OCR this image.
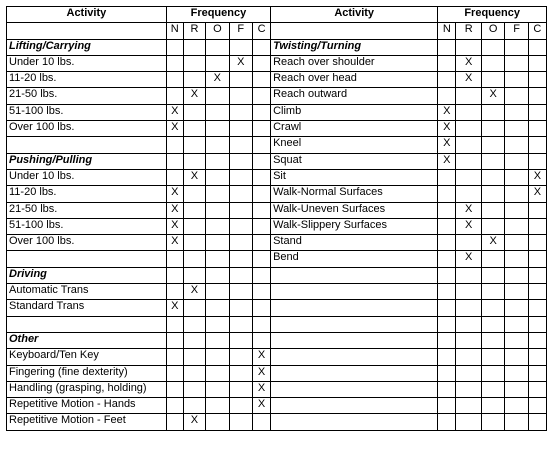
Activity	Frequency					Activity	Frequency				
	N	R	O	F	C		N	R	O	F	C
Lifting/Carrying						Twisting/Turning					
Under 10 lbs.				X		Reach over shoulder		X			
11-20 lbs.			X			Reach over head		X			
21-50 lbs.		X				Reach outward			X		
51-100 lbs.	X					Climb	X				
Over 100 lbs.	X					Crawl	X				
						Kneel	X				
Pushing/Pulling						Squat	X				
Under 10 lbs.		X				Sit					X
11-20 lbs.	X					Walk-Normal Surfaces					X
21-50 lbs.	X					Walk-Uneven Surfaces		X			
51-100 lbs.	X					Walk-Slippery Surfaces		X			
Over 100 lbs.	X					Stand			X		
						Bend		X			
Driving											
Automatic Trans		X									
Standard Trans	X										

Other											
Keyboard/Ten Key					X						
Fingering (fine dexterity)					X						
Handling (grasping, holding)					X						
Repetitive Motion - Hands					X						
Repetitive Motion - Feet		X									
